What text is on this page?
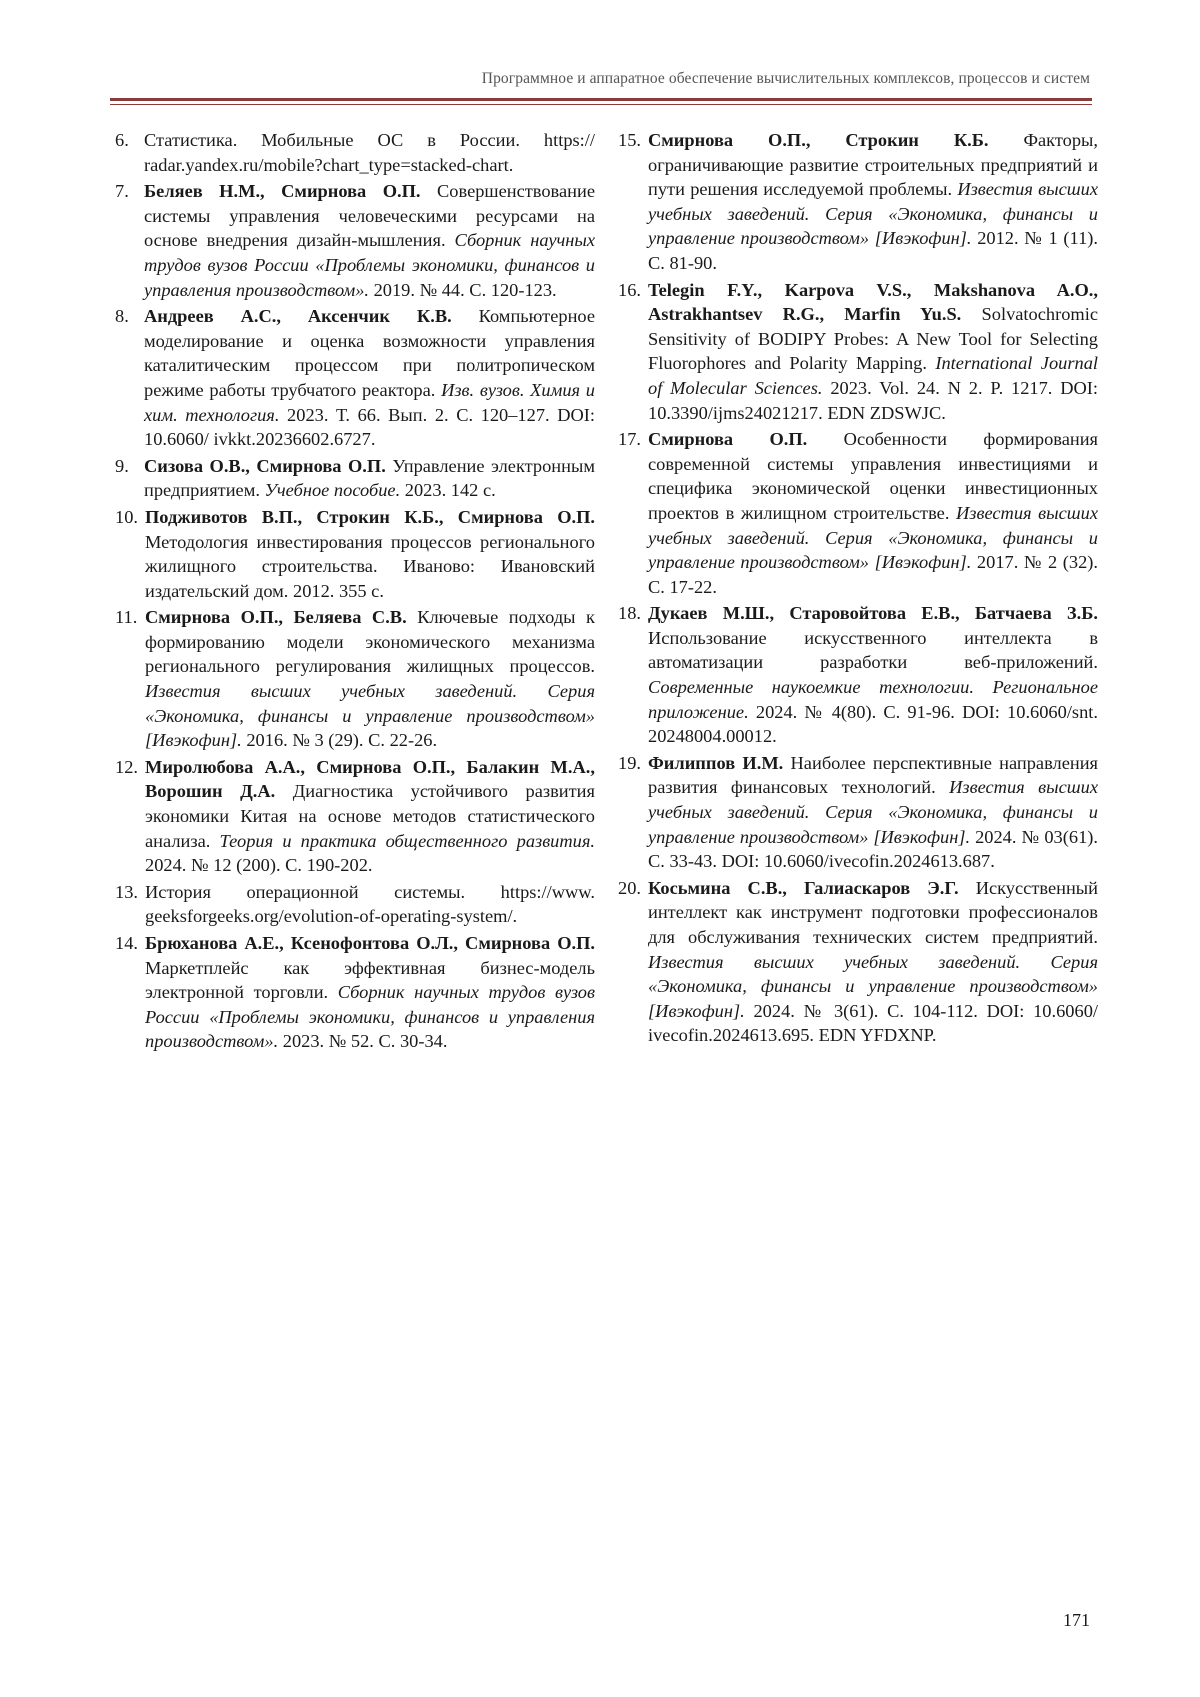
Программное и аппаратное обеспечение вычислительных комплексов, процессов и систем
6. Статистика. Мобильные ОС в России. https:// radar.yandex.ru/mobile?chart_type=stacked-chart.
7. Беляев Н.М., Смирнова О.П. Совершенствование системы управления человеческими ресурсами на основе внедрения дизайн-мышления. Сборник научных трудов вузов России «Проблемы экономики, финансов и управления производством». 2019. № 44. С. 120-123.
8. Андреев А.С., Аксенчик К.В. Компьютерное моделирование и оценка возможности управления каталитическим процессом при политропическом режиме работы трубчатого реактора. Изв. вузов. Химия и хим. технология. 2023. Т. 66. Вып. 2. С. 120–127. DOI: 10.6060/ ivkkt.20236602.6727.
9. Сизова О.В., Смирнова О.П. Управление электронным предприятием. Учебное пособие. 2023. 142 с.
10. Подживотов В.П., Строкин К.Б., Смирнова О.П. Методология инвестирования процессов регионального жилищного строительства. Иваново: Ивановский издательский дом. 2012. 355 с.
11. Смирнова О.П., Беляева С.В. Ключевые подходы к формированию модели экономического механизма регионального регулирования жилищных процессов. Известия высших учебных заведений. Серия «Экономика, финансы и управление производством» [Ивэкофин]. 2016. № 3 (29). С. 22-26.
12. Миролюбова А.А., Смирнова О.П., Балакин М.А., Ворошин Д.А. Диагностика устойчивого развития экономики Китая на основе методов статистического анализа. Теория и практика общественного развития. 2024. № 12 (200). С. 190-202.
13. История операционной системы. https://www. geeksforgeeks.org/evolution-of-operating-system/.
14. Брюханова А.Е., Ксенофонтова О.Л., Смирнова О.П. Маркетплейс как эффективная бизнес-модель электронной торговли. Сборник научных трудов вузов России «Проблемы экономики, финансов и управления производством». 2023. № 52. С. 30-34.
15. Смирнова О.П., Строкин К.Б. Факторы, ограничивающие развитие строительных предприятий и пути решения исследуемой проблемы. Известия высших учебных заведений. Серия «Экономика, финансы и управление производством» [Ивэкофин]. 2012. № 1 (11). С. 81-90.
16. Telegin F.Y., Karpova V.S., Makshanova A.O., Astrakhantsev R.G., Marfin Yu.S. Solvatochromic Sensitivity of BODIPY Probes: A New Tool for Selecting Fluorophores and Polarity Mapping. International Journal of Molecular Sciences. 2023. Vol. 24. N 2. P. 1217. DOI: 10.3390/ijms24021217. EDN ZDSWJC.
17. Смирнова О.П. Особенности формирования современной системы управления инвестициями и специфика экономической оценки инвестиционных проектов в жилищном строительстве. Известия высших учебных заведений. Серия «Экономика, финансы и управление производством» [Ивэкофин]. 2017. № 2 (32). С. 17-22.
18. Дукаев М.Ш., Старовойтова Е.В., Батчаева З.Б. Использование искусственного интеллекта в автоматизации разработки веб-приложений. Современные наукоемкие технологии. Региональное приложение. 2024. № 4(80). С. 91-96. DOI: 10.6060/snt. 20248004.00012.
19. Филиппов И.М. Наиболее перспективные направления развития финансовых технологий. Известия высших учебных заведений. Серия «Экономика, финансы и управление производством» [Ивэкофин]. 2024. № 03(61). С. 33-43. DOI: 10.6060/ivecofin.2024613.687.
20. Косьмина С.В., Галиаскаров Э.Г. Искусственный интеллект как инструмент подготовки профессионалов для обслуживания технических систем предприятий. Известия высших учебных заведений. Серия «Экономика, финансы и управление производством» [Ивэкофин]. 2024. № 3(61). С. 104-112. DOI: 10.6060/ ivecofin.2024613.695. EDN YFDXNP.
171
